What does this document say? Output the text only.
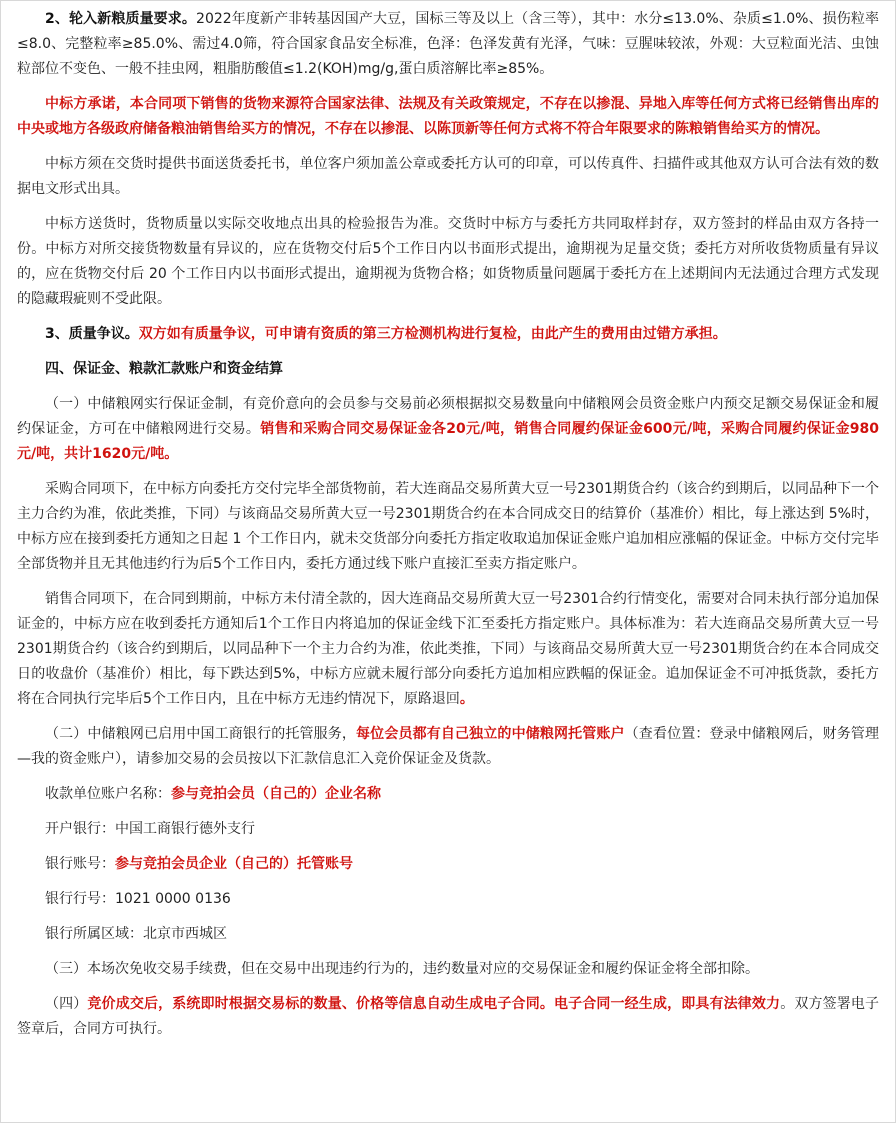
2、轮入新粮质量要求。2022年度新产非转基因国产大豆，国标三等及以上（含三等），其中：水分≤13.0%、杂质≤1.0%、损伤粒率≤8.0、完整粒率≥85.0%、需过4.0筛，符合国家食品安全标准，色泽：色泽发黄有光泽，气味：豆腥味较浓，外观：大豆粒面光洁、虫蚀粒部位不变色、一般不挂虫网，粗脂肪酸值≤1.2(KOH)mg/g,蛋白质溶解比率≥85%。

中标方承诺，本合同项下销售的货物来源符合国家法律、法规及有关政策规定，不存在以掺混、异地入库等任何方式将已经销售出库的中央或地方各级政府储备粮油销售给买方的情况，不存在以掺混、以陈顶新等任何方式将不符合年限要求的陈粮销售给买方的情况。

中标方须在交货时提供书面送货委托书，单位客户须加盖公章或委托方认可的印章，可以传真件、扫描件或其他双方认可合法有效的数据电文形式出具。

中标方送货时，货物质量以实际交收地点出具的检验报告为准。交货时中标方与委托方共同取样封存，双方签封的样品由双方各持一份。中标方对所交接货物数量有异议的，应在货物交付后5个工作日内以书面形式提出，逾期视为足量交货；委托方对所收货物质量有异议的，应在货物交付后 20 个工作日内以书面形式提出，逾期视为货物合格；如货物质量问题属于委托方在上述期间内无法通过合理方式发现的隐藏瑕疵则不受此限。

3、质量争议。双方如有质量争议，可申请有资质的第三方检测机构进行复检，由此产生的费用由过错方承担。

四、保证金、粮款汇款账户和资金结算

（一）中储粮网实行保证金制，有竞价意向的会员参与交易前必须根据拟交易数量向中储粮网会员资金账户内预交足额交易保证金和履约保证金，方可在中储粮网进行交易。销售和采购合同交易保证金各20元/吨，销售合同履约保证金600元/吨，采购合同履约保证金980元/吨，共计1620元/吨。

采购合同项下，在中标方向委托方交付完毕全部货物前，若大连商品交易所黄大豆一号2301期货合约（该合约到期后，以同品种下一个主力合约为准，依此类推，下同）与该商品交易所黄大豆一号2301期货合约在本合同成交日的结算价（基准价）相比，每上涨达到 5%时，中标方应在接到委托方通知之日起 1 个工作日内，就未交货部分向委托方指定收取追加保证金账户追加相应涨幅的保证金。中标方交付完毕全部货物并且无其他违约行为后5个工作日内，委托方通过线下账户直接汇至卖方指定账户。

销售合同项下，在合同到期前，中标方未付清全款的，因大连商品交易所黄大豆一号2301合约行情变化，需要对合同未执行部分追加保证金的，中标方应在收到委托方通知后1个工作日内将追加的保证金线下汇至委托方指定账户。具体标准为：若大连商品交易所黄大豆一号2301期货合约（该合约到期后，以同品种下一个主力合约为准，依此类推，下同）与该商品交易所黄大豆一号2301期货合约在本合同成交日的收盘价（基准价）相比，每下跌达到5%，中标方应就未履行部分向委托方追加相应跌幅的保证金。追加保证金不可冲抵货款，委托方将在合同执行完毕后5个工作日内，且在中标方无违约情况下，原路退回。

（二）中储粮网已启用中国工商银行的托管服务，每位会员都有自己独立的中储粮网托管账户（查看位置：登录中储粮网后，财务管理—我的资金账户），请参加交易的会员按以下汇款信息汇入竞价保证金及货款。

收款单位账户名称：参与竞拍会员（自己的）企业名称

开户银行：中国工商银行德外支行

银行账号：参与竞拍会员企业（自己的）托管账号

银行行号：1021 0000 0136

银行所属区域：北京市西城区

（三）本场次免收交易手续费，但在交易中出现违约行为的，违约数量对应的交易保证金和履约保证金将全部扣除。

（四）竞价成交后，系统即时根据交易标的数量、价格等信息自动生成电子合同。电子合同一经生成，即具有法律效力。双方签署电子签章后，合同方可执行。
